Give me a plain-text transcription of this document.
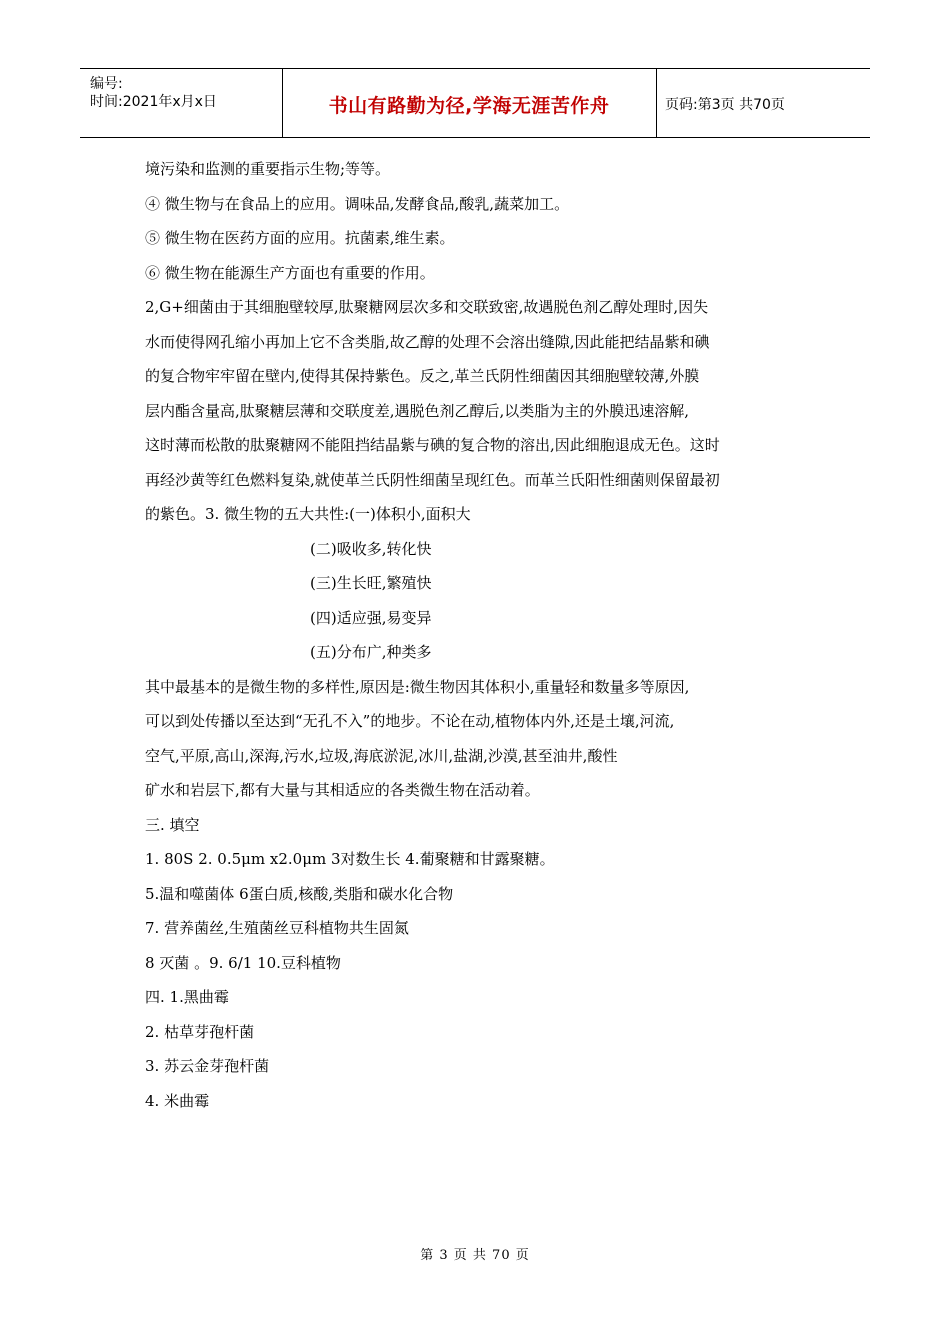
编号:
时间:2021年x月x日	书山有路勤为径,学海无涯苦作舟	页码:第3页 共70页

境污染和监测的重要指示生物;等等。

④ 微生物与在食品上的应用。调味品,发酵食品,酸乳,蔬菜加工。

⑤ 微生物在医药方面的应用。抗菌素,维生素。

⑥ 微生物在能源生产方面也有重要的作用。

2,G+细菌由于其细胞壁较厚,肽聚糖网层次多和交联致密,故遇脱色剂乙醇处理时,因失

水而使得网孔缩小再加上它不含类脂,故乙醇的处理不会溶出缝隙,因此能把结晶紫和碘

的复合物牢牢留在壁内,使得其保持紫色。反之,革兰氏阴性细菌因其细胞壁较薄,外膜

层内酯含量高,肽聚糖层薄和交联度差,遇脱色剂乙醇后,以类脂为主的外膜迅速溶解,

这时薄而松散的肽聚糖网不能阻挡结晶紫与碘的复合物的溶出,因此细胞退成无色。这时

再经沙黄等红色燃料复染,就使革兰氏阴性细菌呈现红色。而革兰氏阳性细菌则保留最初

的紫色。3. 微生物的五大共性:(一)体积小,面积大

(二)吸收多,转化快

(三)生长旺,繁殖快

(四)适应强,易变异

(五)分布广,种类多

其中最基本的是微生物的多样性,原因是:微生物因其体积小,重量轻和数量多等原因,

可以到处传播以至达到“无孔不入”的地步。不论在动,植物体内外,还是土壤,河流,

空气,平原,高山,深海,污水,垃圾,海底淤泥,冰川,盐湖,沙漠,甚至油井,酸性

矿水和岩层下,都有大量与其相适应的各类微生物在活动着。

三. 填空

1. 80S 2. 0.5μm x2.0μm 3对数生长 4.葡聚糖和甘露聚糖。

5.温和噬菌体 6蛋白质,核酸,类脂和碳水化合物

7. 营养菌丝,生殖菌丝豆科植物共生固氮

8 灭菌 。9. 6/1 10.豆科植物

四. 1.黑曲霉

2. 枯草芽孢杆菌

3. 苏云金芽孢杆菌

4. 米曲霉

第 3 页 共 70 页
